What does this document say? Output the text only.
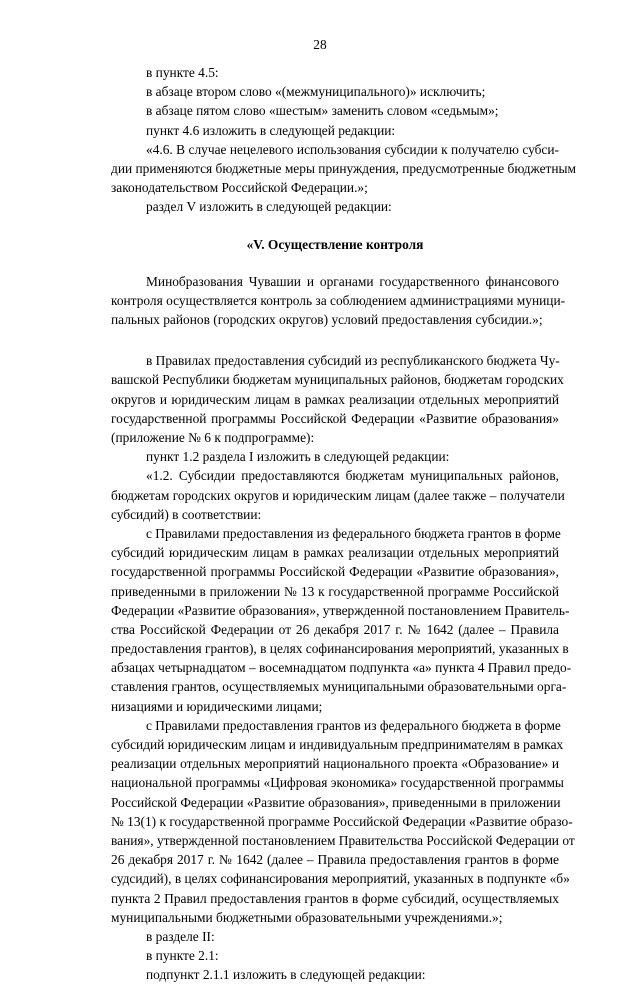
28
в пункте 4.5:
в абзаце втором слово «(межмуниципального)» исключить;
в абзаце пятом слово «шестым» заменить словом «седьмым»;
пункт 4.6 изложить в следующей редакции:
«4.6. В случае нецелевого использования субсидии к получателю субси-
дии применяются бюджетные меры принуждения, предусмотренные бюджетным
законодательством Российской Федерации.»;
раздел V изложить в следующей редакции:
«V. Осуществление контроля
Минобразования Чувашии и органами государственного финансового
контроля осуществляется контроль за соблюдением администрациями муници-
пальных районов (городских округов) условий предоставления субсидии.»;
в Правилах предоставления субсидий из республиканского бюджета Чу-
вашской Республики бюджетам муниципальных районов, бюджетам городских
округов и юридическим лицам в рамках реализации отдельных мероприятий
государственной программы Российской Федерации «Развитие образования»
(приложение № 6 к подпрограмме):
пункт 1.2 раздела I изложить в следующей редакции:
«1.2. Субсидии предоставляются бюджетам муниципальных районов,
бюджетам городских округов и юридическим лицам (далее также – получатели
субсидий) в соответствии:
с Правилами предоставления из федерального бюджета грантов в форме
субсидий юридическим лицам в рамках реализации отдельных мероприятий
государственной программы Российской Федерации «Развитие образования»,
приведенными в приложении № 13 к государственной программе Российской
Федерации «Развитие образования», утвержденной постановлением Правитель-
ства Российской Федерации от 26 декабря 2017 г. № 1642 (далее – Правила
предоставления грантов), в целях софинансирования мероприятий, указанных в
абзацах четырнадцатом – восемнадцатом подпункта «а» пункта 4 Правил предо-
ставления грантов, осуществляемых муниципальными образовательными орга-
низациями и юридическими лицами;
с Правилами предоставления грантов из федерального бюджета в форме
субсидий юридическим лицам и индивидуальным предпринимателям в рамках
реализации отдельных мероприятий национального проекта «Образование» и
национальной программы «Цифровая экономика» государственной программы
Российской Федерации «Развитие образования», приведенными в приложении
№ 13(1) к государственной программе Российской Федерации «Развитие образо-
вания», утвержденной постановлением Правительства Российской Федерации от
26 декабря 2017 г. № 1642 (далее – Правила предоставления грантов в форме
судсидий), в целях софинансирования мероприятий, указанных в подпункте «б»
пункта 2 Правил предоставления грантов в форме субсидий, осуществляемых
муниципальными бюджетными образовательными учреждениями.»;
в разделе II:
в пункте 2.1:
подпункт 2.1.1 изложить в следующей редакции:
